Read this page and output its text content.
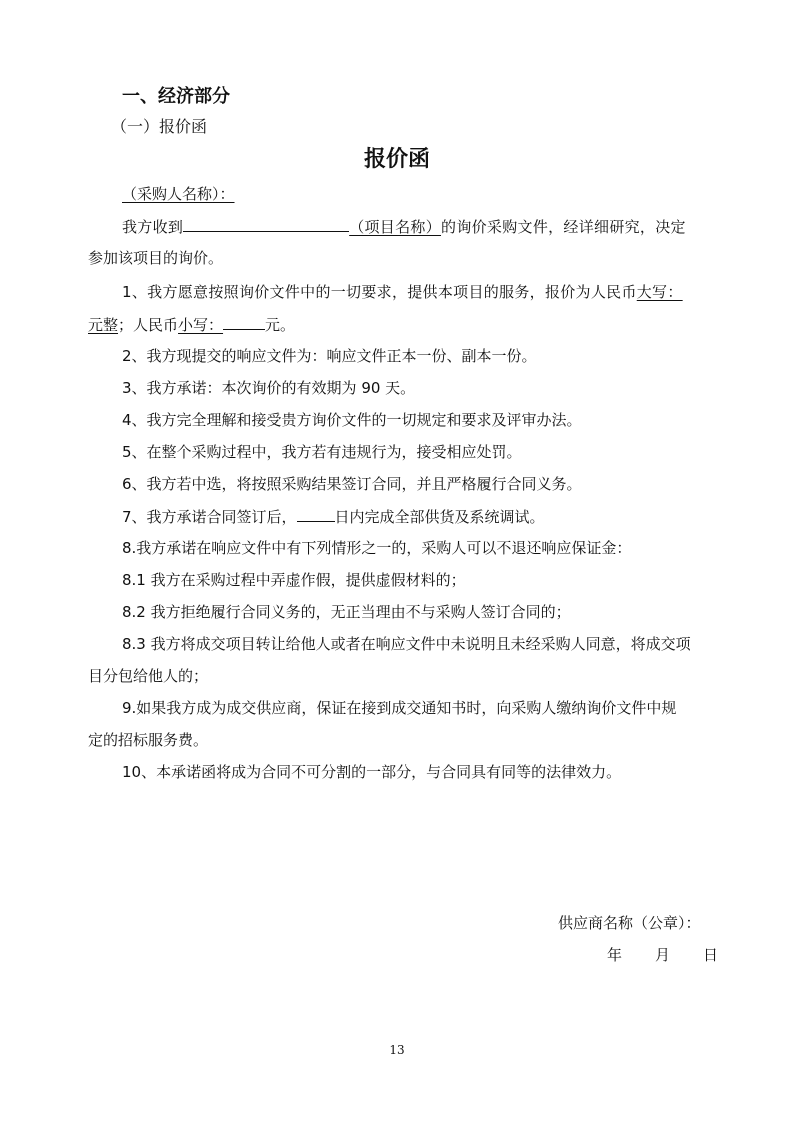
一、经济部分
（一）报价函
报价函
（采购人名称）：
我方收到	（项目名称）的询价采购文件，经详细研究，决定
参加该项目的询价。
1、我方愿意按照询价文件中的一切要求，提供本项目的服务，报价为人民币大写：
元整；人民币小写：	元。
2、我方现提交的响应文件为：响应文件正本一份、副本一份。
3、我方承诺：本次询价的有效期为 90 天。
4、我方完全理解和接受贵方询价文件的一切规定和要求及评审办法。
5、在整个采购过程中，我方若有违规行为，接受相应处罚。
6、我方若中选，将按照采购结果签订合同，并且严格履行合同义务。
7、我方承诺合同签订后，	日内完成全部供货及系统调试。
8.我方承诺在响应文件中有下列情形之一的，采购人可以不退还响应保证金：
8.1 我方在采购过程中弄虚作假，提供虚假材料的；
8.2 我方拒绝履行合同义务的，无正当理由不与采购人签订合同的；
8.3 我方将成交项目转让给他人或者在响应文件中未说明且未经采购人同意，将成交项
目分包给他人的；
9.如果我方成为成交供应商，保证在接到成交通知书时，向采购人缴纳询价文件中规
定的招标服务费。
10、本承诺函将成为合同不可分割的一部分，与合同具有同等的法律效力。
供应商名称（公章）：
年 月 日
13
